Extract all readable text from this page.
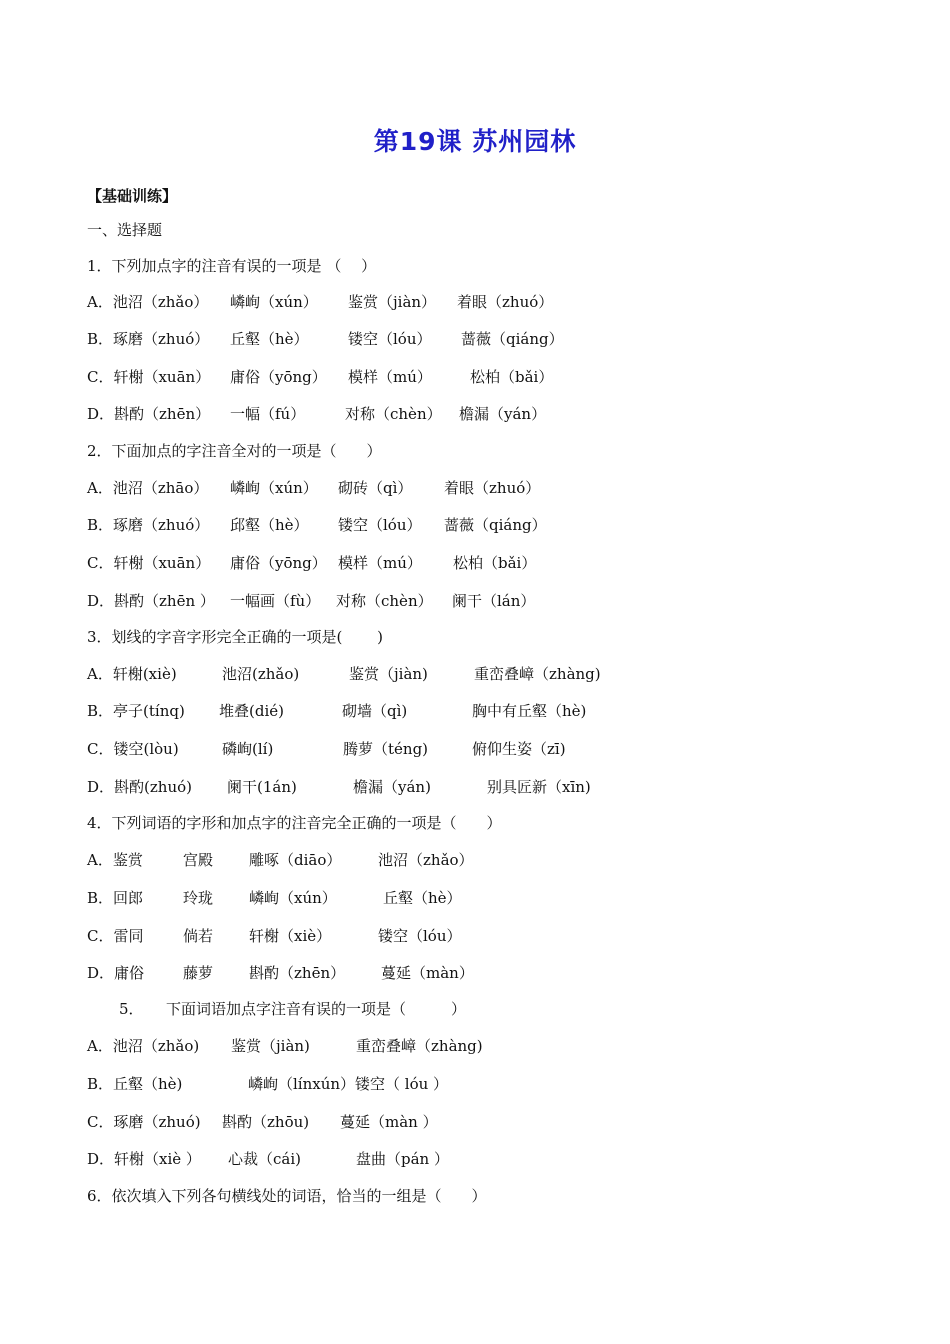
第19课 苏州园林
【基础训练】
一、选择题
1．下列加点字的注音有误的一项是 （　 ）
A．池沼（zhǎo） 嶙峋（xún） 鉴赏（jiàn） 着眼（zhuó）
B．琢磨（zhuó） 丘壑（hè）	镂空（lóu） 蔷薇（qiáng）
C．轩榭（xuān） 庸俗（yōng） 模样（mú）	松柏（bǎi）
D．斟酌（zhēn） 一幅（fú）	对称（chèn） 檐漏（yán）
2．下面加点的字注音全对的一项是（　　）
A．池沼（zhāo） 嶙峋（xún） 砌砖（qì） 着眼（zhuó）
B．琢磨（zhuó） 邱壑（hè） 镂空（lóu） 蔷薇（qiáng）
C．轩榭（xuān） 庸俗（yōng） 模样（mú） 松柏（bǎi）
D．斟酌（zhēn ） 一幅画（fù） 对称（chèn） 阑干（lán）
3．划线的字音字形完全正确的一项是(　　 )
A．轩榭(xiè)	池沼(zhǎo)	鉴赏（jiàn)	重峦叠嶂（zhàng)
B．亭子(tínq) 堆叠(dié)	砌墙（qì)	胸中有丘壑（hè)
C．镂空(lòu)	磷峋(lí)	腾萝（téng)	俯仰生姿（zī)
D．斟酌(zhuó) 阑干(1án)	檐漏（yán)	别具匠新（xīn)
4．下列词语的字形和加点字的注音完全正确的一项是（　　）
A．鉴赏	宫殿 雕啄（diāo） 池沼（zhǎo）
B．回郎	玲珑 嶙峋（xún）	丘壑（hè）
C．雷同	倘若 轩榭（xiè）	镂空（lóu）
D．庸俗	藤萝 斟酌（zhēn） 蔓延（màn）
5．　　下面词语加点字注音有误的一项是（　　　）
A．池沼（zhǎo) 鉴赏（jiàn)	重峦叠嶂（zhàng)
B．丘壑（hè)	嶙峋（línxún）镂空（ lóu ）
C．琢磨（zhuó) 斟酌（zhōu) 蔓延（màn ）
D．轩榭（xiè ） 心裁（cái)	盘曲（pán ）
6．依次填入下列各句横线处的词语，恰当的一组是（　　）
